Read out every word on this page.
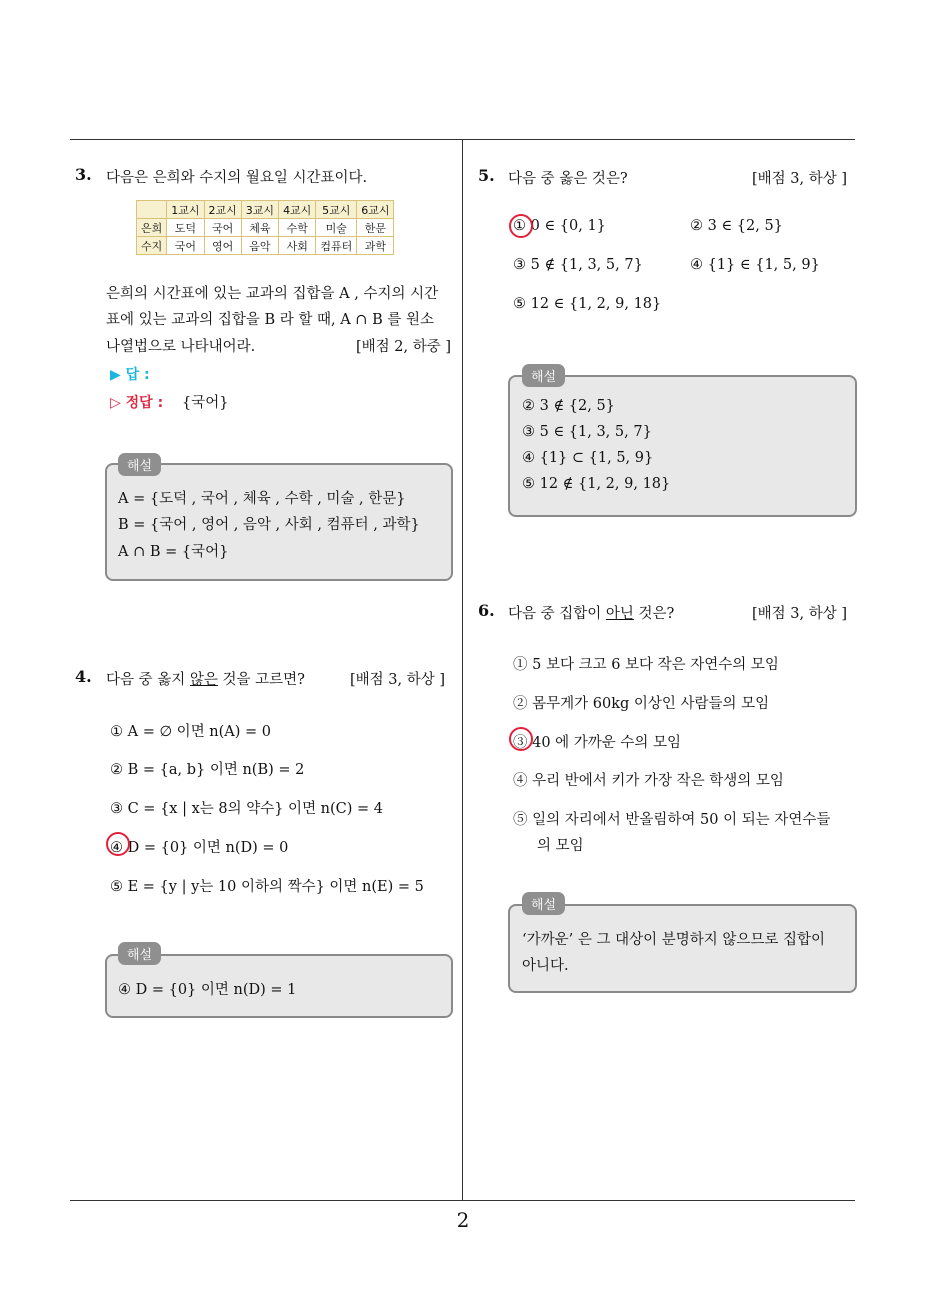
3. 다음은 은희와 수지의 월요일 시간표이다.
	1교시	2교시	3교시	4교시	5교시	6교시
은희	도덕	국어	체육	수학	미술	한문
수지	국어	영어	음악	사회	컴퓨터	과학
은희의 시간표에 있는 교과의 집합을 A , 수지의 시간
표에 있는 교과의 집합을 B 라 할 때, A ∩ B 를 원소
나열법으로 나타내어라.	[배점 2, 하중 ]
▶ 답 :
▷ 정답 : {국어}
해설
A = {도덕 , 국어 , 체육 , 수학 , 미술 , 한문}
B = {국어 , 영어 , 음악 , 사회 , 컴퓨터 , 과학}
A ∩ B = {국어}
4. 다음 중 옳지 않은 것을 고르면?	[배점 3, 하상 ]
① A = ∅ 이면 n(A) = 0
② B = {a, b} 이면 n(B) = 2
③ C = {x | x는 8의 약수} 이면 n(C) = 4
④ D = {0} 이면 n(D) = 0
⑤ E = {y | y는 10 이하의 짝수} 이면 n(E) = 5
해설
④ D = {0} 이면 n(D) = 1
5. 다음 중 옳은 것은?	[배점 3, 하상 ]
① 0 ∈ {0, 1}	② 3 ∈ {2, 5}
③ 5 ∉ {1, 3, 5, 7}	④ {1} ∈ {1, 5, 9}
⑤ 12 ∈ {1, 2, 9, 18}
해설
② 3 ∉ {2, 5}
③ 5 ∈ {1, 3, 5, 7}
④ {1} ⊂ {1, 5, 9}
⑤ 12 ∉ {1, 2, 9, 18}
6. 다음 중 집합이 아닌 것은?	[배점 3, 하상 ]
① 5 보다 크고 6 보다 작은 자연수의 모임
② 몸무게가 60kg 이상인 사람들의 모임
③ 40 에 가까운 수의 모임
④ 우리 반에서 키가 가장 작은 학생의 모임
⑤ 일의 자리에서 반올림하여 50 이 되는 자연수들
의 모임
해설
‘가까운’ 은 그 대상이 분명하지 않으므로 집합이
아니다.
2
